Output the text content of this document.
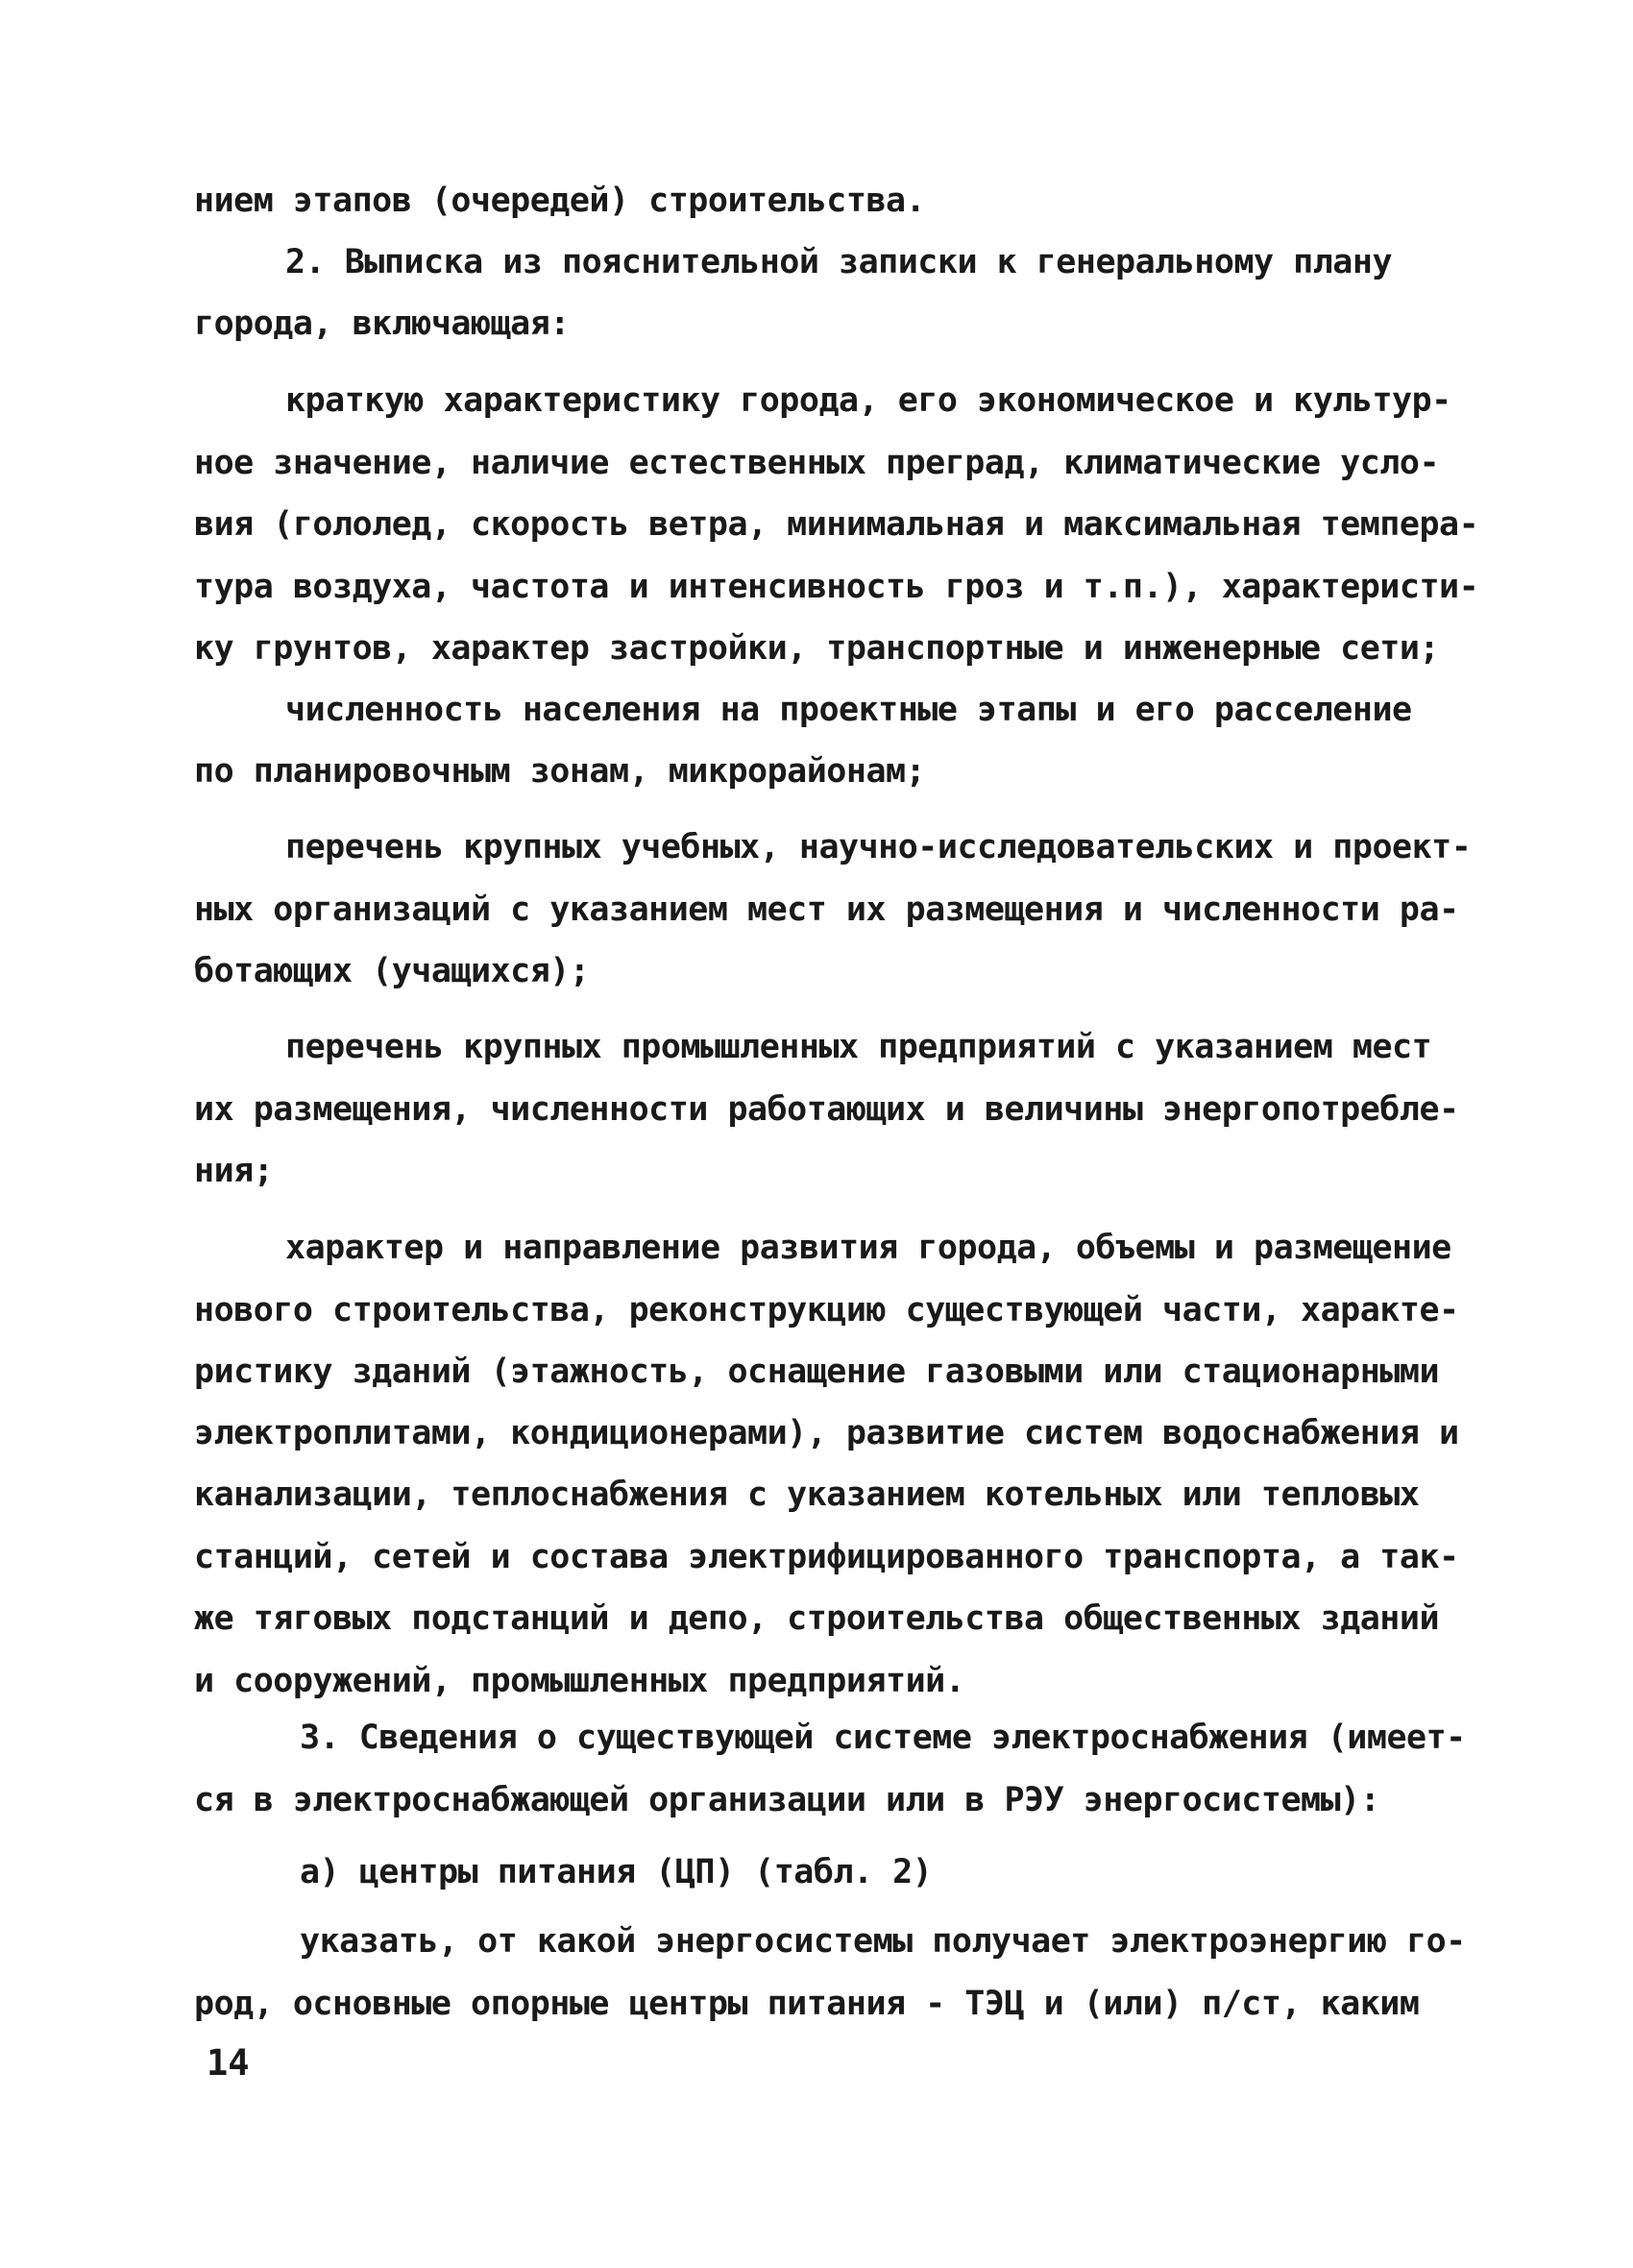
нием этапов (очередей) строительства.
2. Выписка из пояснительной записки к генеральному плану
города, включающая:
краткую характеристику города, его экономическое и культур-
ное значение, наличие естественных преград, климатические усло-
вия (гололед, скорость ветра, минимальная и максимальная темпера-
тура воздуха, частота и интенсивность гроз и т.п.), характеристи-
ку грунтов, характер застройки, транспортные и инженерные сети;
численность населения на проектные этапы и его расселение
по планировочным зонам, микрорайонам;
перечень крупных учебных, научно-исследовательских и проект-
ных организаций с указанием мест их размещения и численности ра-
ботающих (учащихся);
перечень крупных промышленных предприятий с указанием мест
их размещения, численности работающих и величины энергопотребле-
ния;
характер и направление развития города, объемы и размещение
нового строительства, реконструкцию существующей части, характе-
ристику зданий (этажность, оснащение газовыми или стационарными
электроплитами, кондиционерами), развитие систем водоснабжения и
канализации, теплоснабжения с указанием котельных или тепловых
станций, сетей и состава электрифицированного транспорта, а так-
же тяговых подстанций и депо, строительства общественных зданий
и сооружений, промышленных предприятий.
3. Сведения о существующей системе электроснабжения (имеет-
ся в электроснабжающей организации или в РЭУ энергосистемы):
а) центры питания (ЦП) (табл. 2)
указать, от какой энергосистемы получает электроэнергию го-
род, основные опорные центры питания - ТЭЦ и (или) п/ст, каким
14
